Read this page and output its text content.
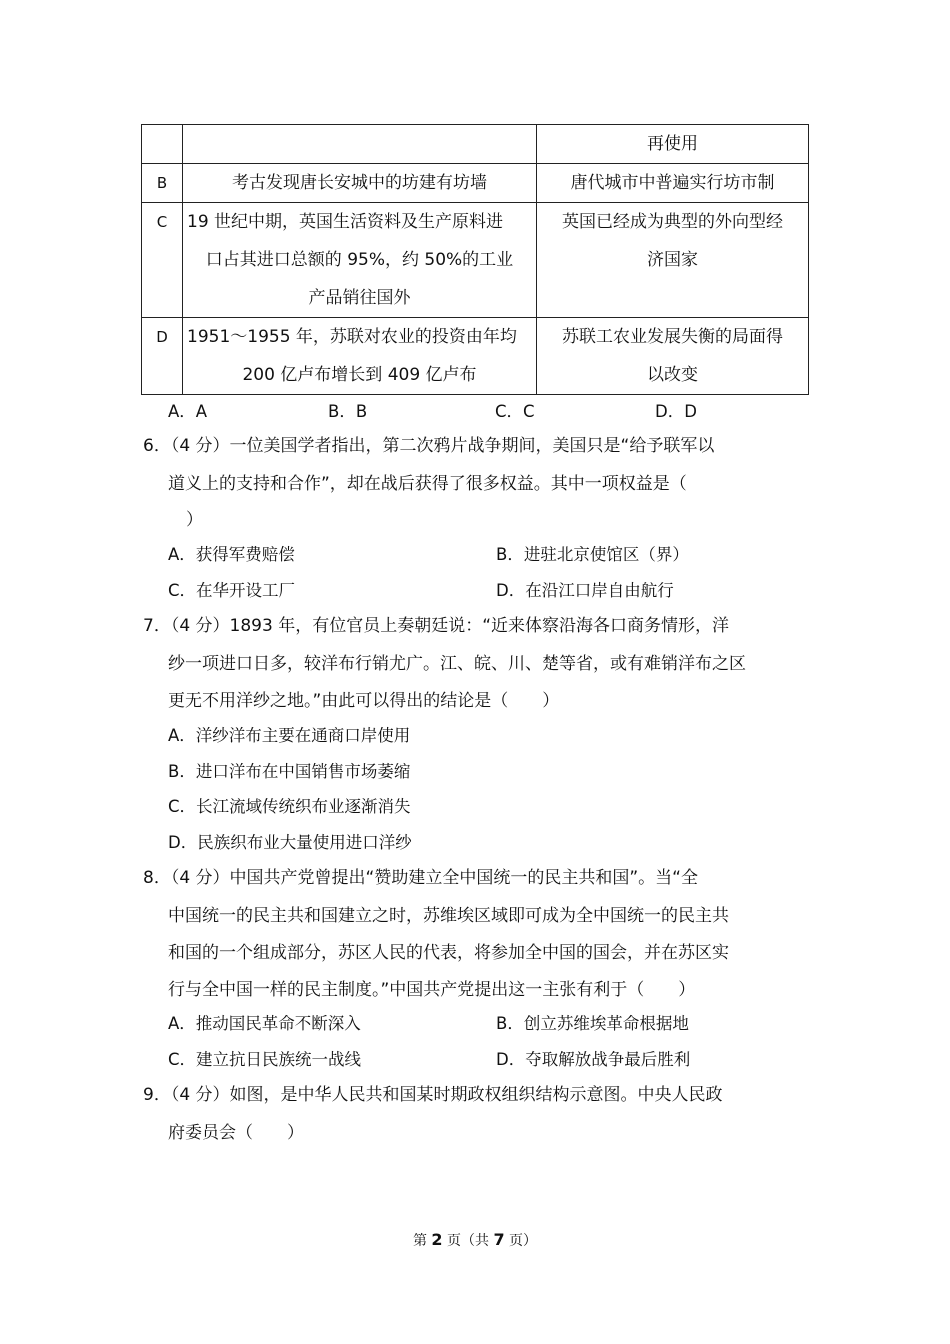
		再使用
B	考古发现唐长安城中的坊建有坊墙	唐代城市中普遍实行坊市制
C	19 世纪中期，英国生活资料及生产原料进
口占其进口总额的 95%，约 50%的工业
产品销往国外	英国已经成为典型的外向型经
济国家

D	1951～1955 年，苏联对农业的投资由年均
200 亿卢布增长到 409 亿卢布	苏联工农业发展失衡的局面得
以改变
A．A	B．B	C．C	D．D
6．（4 分）一位美国学者指出，第二次鸦片战争期间，美国只是“给予联军以
道义上的支持和合作”，却在战后获得了很多权益。其中一项权益是（
）
A．获得军费赔偿	B．进驻北京使馆区（界）
C．在华开设工厂	D．在沿江口岸自由航行
7．（4 分）1893 年，有位官员上奏朝廷说：“近来体察沿海各口商务情形，洋
纱一项进口日多，较洋布行销尤广。江、皖、川、楚等省，或有难销洋布之区
更无不用洋纱之地。”由此可以得出的结论是（　　）
A．洋纱洋布主要在通商口岸使用
B．进口洋布在中国销售市场萎缩
C．长江流域传统织布业逐渐消失
D．民族织布业大量使用进口洋纱
8．（4 分）中国共产党曾提出“赞助建立全中国统一的民主共和国”。当“全
中国统一的民主共和国建立之时，苏维埃区域即可成为全中国统一的民主共
和国的一个组成部分，苏区人民的代表，将参加全中国的国会，并在苏区实
行与全中国一样的民主制度。”中国共产党提出这一主张有利于（　　）
A．推动国民革命不断深入	B．创立苏维埃革命根据地
C．建立抗日民族统一战线	D．夺取解放战争最后胜利
9．（4 分）如图，是中华人民共和国某时期政权组织结构示意图。中央人民政
府委员会（　　）
第 2 页（共 7 页）
